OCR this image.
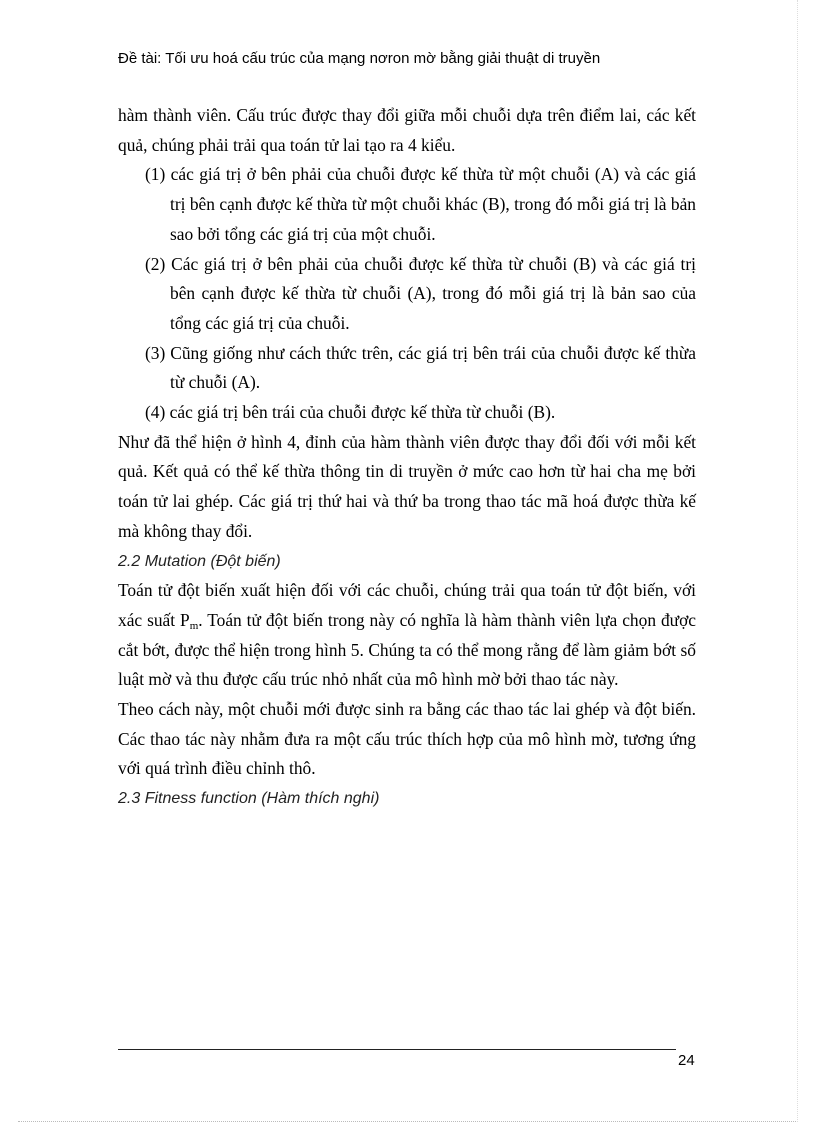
Đề tài: Tối ưu hoá cấu trúc của mạng nơron mờ bằng giải thuật di truyền

hàm thành viên. Cấu trúc được thay đổi giữa mỗi chuỗi dựa trên điểm lai, các kết quả, chúng phải trải qua toán tử lai tạo ra 4 kiểu.

(1) các giá trị ở bên phải của chuỗi được kế thừa từ một chuỗi (A) và các giá trị bên cạnh được kế thừa từ một chuỗi khác (B), trong đó mỗi giá trị là bản sao bởi tổng các giá trị của một chuỗi.

(2) Các giá trị ở bên phải của chuỗi được kế thừa từ chuỗi (B) và các giá trị bên cạnh được kế thừa từ chuỗi (A), trong đó mỗi giá trị là bản sao của tổng các giá trị của chuỗi.

(3) Cũng giống như cách thức trên, các giá trị bên trái của chuỗi được kế thừa từ chuỗi (A).

(4) các giá trị bên trái của chuỗi được kế thừa từ chuỗi (B).

Như đã thể hiện ở hình 4, đỉnh của hàm thành viên được thay đổi đối với mỗi kết quả. Kết quả có thể kế thừa thông tin di truyền ở mức cao hơn từ hai cha mẹ bởi toán tử lai ghép. Các giá trị thứ hai và thứ ba trong thao tác mã hoá được thừa kế mà không thay đổi.

2.2 Mutation (Đột biến)

Toán tử đột biến xuất hiện đối với các chuỗi, chúng trải qua toán tử đột biến, với xác suất $P_m$. Toán tử đột biến trong này có nghĩa là hàm thành viên lựa chọn được cắt bớt, được thể hiện trong hình 5. Chúng ta có thể mong rằng để làm giảm bớt số luật mờ và thu được cấu trúc nhỏ nhất của mô hình mờ bởi thao tác này.

Theo cách này, một chuỗi mới được sinh ra bằng các thao tác lai ghép và đột biến. Các thao tác này nhằm đưa ra một cấu trúc thích hợp của mô hình mờ, tương ứng với quá trình điều chỉnh thô.

2.3 Fitness function (Hàm thích nghi)

24
